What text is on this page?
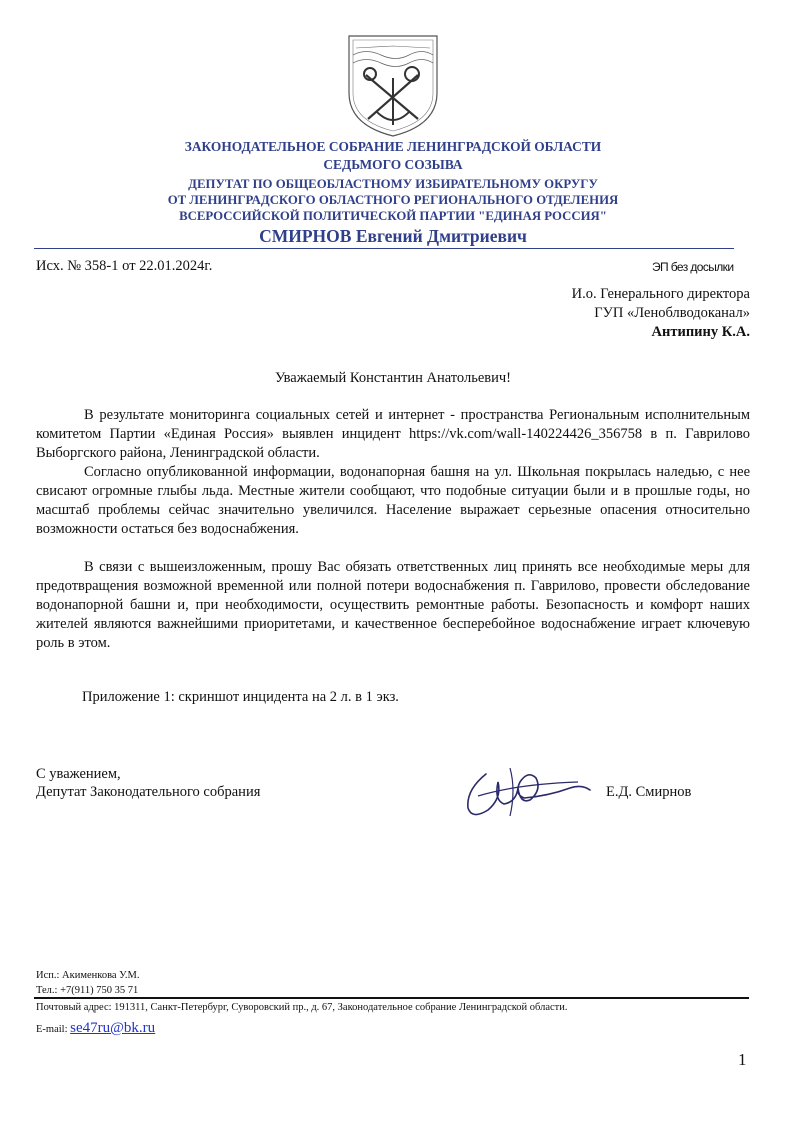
ЗАКОНОДАТЕЛЬНОЕ СОБРАНИЕ ЛЕНИНГРАДСКОЙ ОБЛАСТИ
СЕДЬМОГО СОЗЫВА
ДЕПУТАТ ПО ОБЩЕОБЛАСТНОМУ ИЗБИРАТЕЛЬНОМУ ОКРУГУ
ОТ ЛЕНИНГРАДСКОГО ОБЛАСТНОГО РЕГИОНАЛЬНОГО ОТДЕЛЕНИЯ
ВСЕРОССИЙСКОЙ ПОЛИТИЧЕСКОЙ ПАРТИИ "ЕДИНАЯ РОССИЯ"
СМИРНОВ Евгений Дмитриевич
Исх. № 358-1 от 22.01.2024г.	ЭП без досылки
И.о. Генерального директора
ГУП «Леноблводоканал»
Антипину К.А.
Уважаемый Константин Анатольевич!

В результате мониторинга социальных сетей и интернет - пространства Региональным исполнительным комитетом Партии «Единая Россия» выявлен инцидент https://vk.com/wall-140224426_356758 в п. Гаврилово Выборгского района, Ленинградской области.

Согласно опубликованной информации, водонапорная башня на ул. Школьная покрылась наледью, с нее свисают огромные глыбы льда. Местные жители сообщают, что подобные ситуации были и в прошлые годы, но масштаб проблемы сейчас значительно увеличился. Население выражает серьезные опасения относительно возможности остаться без водоснабжения.

В связи с вышеизложенным, прошу Вас обязать ответственных лиц принять все необходимые меры для предотвращения возможной временной или полной потери водоснабжения п. Гаврилово, провести обследование водонапорной башни и, при необходимости, осуществить ремонтные работы. Безопасность и комфорт наших жителей являются важнейшими приоритетами, и качественное бесперебойное водоснабжение играет ключевую роль в этом.

Приложение 1: скриншот инцидента на 2 л. в 1 экз.
С уважением,
Депутат Законодательного собрания	Е.Д. Смирнов
Исп.: Акименкова У.М.
Тел.: +7(911) 750 35 71
Почтовый адрес: 191311, Санкт-Петербург, Суворовский пр., д. 67, Законодательное собрание Ленинградской области.
E-mail: se47ru@bk.ru
1
